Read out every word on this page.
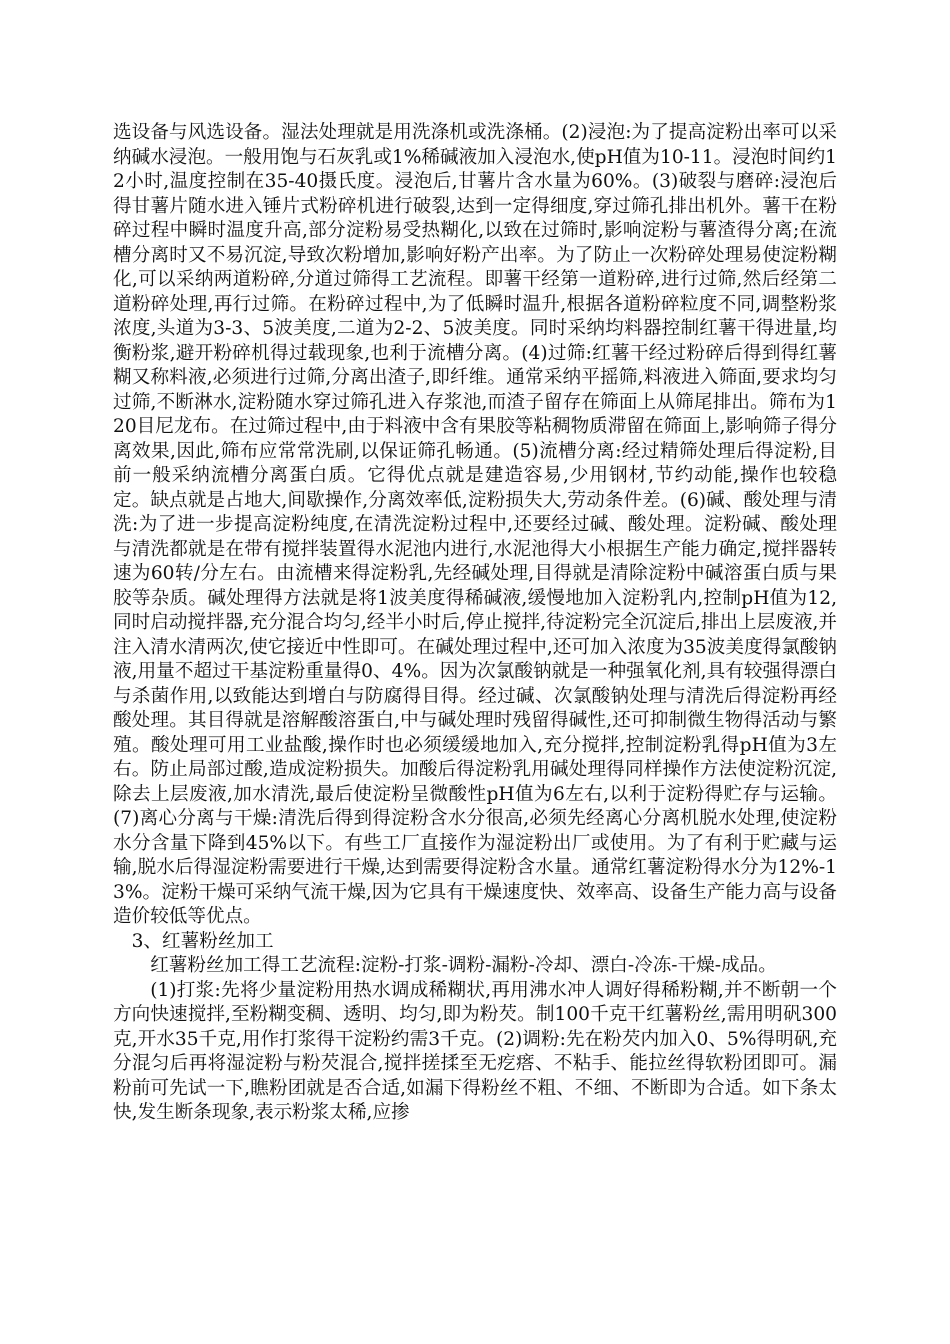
选设备与风选设备。湿法处理就是用洗涤机或洗涤桶。(2)浸泡:为了提高淀粉出率可以采纳碱水浸泡。一般用饱与石灰乳或1%稀碱液加入浸泡水,使pH值为10-11。浸泡时间约12小时,温度控制在35-40摄氏度。浸泡后,甘薯片含水量为60%。(3)破裂与磨碎:浸泡后得甘薯片随水进入锤片式粉碎机进行破裂,达到一定得细度,穿过筛孔排出机外。薯干在粉碎过程中瞬时温度升高,部分淀粉易受热糊化,以致在过筛时,影响淀粉与薯渣得分离;在流槽分离时又不易沉淀,导致次粉增加,影响好粉产出率。为了防止一次粉碎处理易使淀粉糊化,可以采纳两道粉碎,分道过筛得工艺流程。即薯干经第一道粉碎,进行过筛,然后经第二道粉碎处理,再行过筛。在粉碎过程中,为了低瞬时温升,根据各道粉碎粒度不同,调整粉浆浓度,头道为3-3、5波美度,二道为2-2、5波美度。同时采纳均料器控制红薯干得进量,均衡粉浆,避开粉碎机得过载现象,也利于流槽分离。(4)过筛:红薯干经过粉碎后得到得红薯糊又称料液,必须进行过筛,分离出渣子,即纤维。通常采纳平摇筛,料液进入筛面,要求均匀过筛,不断淋水,淀粉随水穿过筛孔进入存浆池,而渣子留存在筛面上从筛尾排出。筛布为120目尼龙布。在过筛过程中,由于料液中含有果胶等粘稠物质滞留在筛面上,影响筛子得分离效果,因此,筛布应常常洗刷,以保证筛孔畅通。(5)流槽分离:经过精筛处理后得淀粉,目前一般采纳流槽分离蛋白质。它得优点就是建造容易,少用钢材,节约动能,操作也较稳定。缺点就是占地大,间歇操作,分离效率低,淀粉损失大,劳动条件差。(6)碱、酸处理与清洗:为了进一步提高淀粉纯度,在清洗淀粉过程中,还要经过碱、酸处理。淀粉碱、酸处理与清洗都就是在带有搅拌装置得水泥池内进行,水泥池得大小根据生产能力确定,搅拌器转速为60转/分左右。由流槽来得淀粉乳,先经碱处理,目得就是清除淀粉中碱溶蛋白质与果胶等杂质。碱处理得方法就是将1波美度得稀碱液,缓慢地加入淀粉乳内,控制pH值为12,同时启动搅拌器,充分混合均匀,经半小时后,停止搅拌,待淀粉完全沉淀后,排出上层废液,并注入清水清两次,使它接近中性即可。在碱处理过程中,还可加入浓度为35波美度得氯酸钠液,用量不超过干基淀粉重量得0、4%。因为次氯酸钠就是一种强氧化剂,具有较强得漂白与杀菌作用,以致能达到增白与防腐得目得。经过碱、次氯酸钠处理与清洗后得淀粉再经酸处理。其目得就是溶解酸溶蛋白,中与碱处理时残留得碱性,还可抑制微生物得活动与繁殖。酸处理可用工业盐酸,操作时也必须缓缓地加入,充分搅拌,控制淀粉乳得pH值为3左右。防止局部过酸,造成淀粉损失。加酸后得淀粉乳用碱处理得同样操作方法使淀粉沉淀,除去上层废液,加水清洗,最后使淀粉呈微酸性pH值为6左右,以利于淀粉得贮存与运输。(7)离心分离与干燥:清洗后得到得淀粉含水分很高,必须先经离心分离机脱水处理,使淀粉水分含量下降到45%以下。有些工厂直接作为湿淀粉出厂或使用。为了有利于贮藏与运输,脱水后得湿淀粉需要进行干燥,达到需要得淀粉含水量。通常红薯淀粉得水分为12%-13%。淀粉干燥可采纳气流干燥,因为它具有干燥速度快、效率高、设备生产能力高与设备造价较低等优点。

3、红薯粉丝加工

红薯粉丝加工得工艺流程:淀粉-打浆-调粉-漏粉-冷却、漂白-冷冻-干燥-成品。

(1)打浆:先将少量淀粉用热水调成稀糊状,再用沸水冲人调好得稀粉糊,并不断朝一个方向快速搅拌,至粉糊变稠、透明、均匀,即为粉芡。制100千克干红薯粉丝,需用明矾300克,开水35千克,用作打浆得干淀粉约需3千克。(2)调粉:先在粉芡内加入0、5%得明矾,充分混匀后再将湿淀粉与粉芡混合,搅拌搓揉至无疙瘩、不粘手、能拉丝得软粉团即可。漏粉前可先试一下,瞧粉团就是否合适,如漏下得粉丝不粗、不细、不断即为合适。如下条太快,发生断条现象,表示粉浆太稀,应掺
